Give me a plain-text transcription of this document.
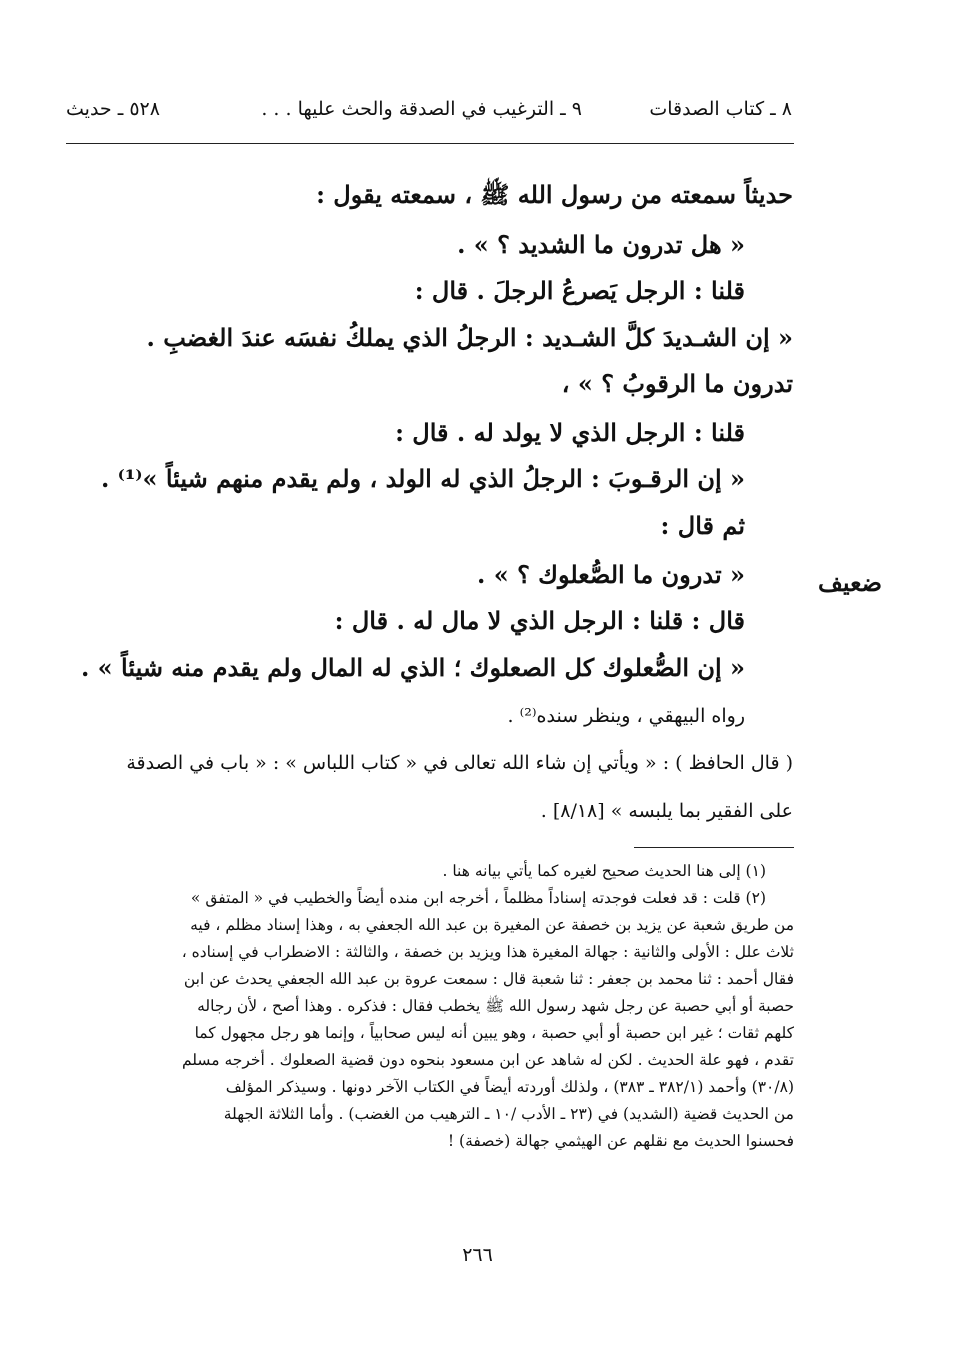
٨ ـ كتاب الصدقات
٩ ـ الترغيب في الصدقة والحث عليها . . .
٥٢٨ ـ حديث
ضعيف
حديثاً سمعته من رسول الله ﷺ ، سمعته يقول :
« هل تدرون ما الشديد ؟ » .
قلنا : الرجل يَصرعُ الرجلَ . قال :
« إن الشـديدَ كلَّ الشـديد : الرجلُ الذي يملكُ نفسَه عندَ الغضبِ .
تدرون ما الرقوبُ ؟ » ،
قلنا : الرجل الذي لا يولد له . قال :
« إن الرقـوبَ : الرجلُ الذي له الولد ، ولم يقدم منهم شيئاً »⁽¹⁾ .
ثم قال :
« تدرون ما الصُّعلوك ؟ » .
قال : قلنا : الرجل الذي لا مال له . قال :
« إن الصُّعلوك كل الصعلوك ؛ الذي له المال ولم يقدم منه شيئاً » .
رواه البيهقي ، وينظر سنده⁽²⁾ .
( قال الحافظ ) : « ويأتي إن شاء الله تعالى في « كتاب اللباس » : « باب في الصدقة
على الفقير بما يلبسه » [٨/١٨] .
(١) إلى هنا الحديث صحيح لغيره كما يأتي بيانه هنا .
(٢) قلت : قد فعلت فوجدته إسناداً مظلماً ، أخرجه ابن منده أيضاً والخطيب في « المتفق »
من طريق شعبة عن يزيد بن خصفة عن المغيرة بن عبد الله الجعفي به ، وهذا إسناد مظلم ، فيه
ثلاث علل : الأولى والثانية : جهالة المغيرة هذا ويزيد بن خصفة ، والثالثة : الاضطراب في إسناده ،
فقال أحمد : ثنا محمد بن جعفر : ثنا شعبة قال : سمعت عروة بن عبد الله الجعفي يحدث عن ابن
حصبة أو أبي حصبة عن رجل شهد رسول الله ﷺ يخطب فقال : فذكره . وهذا أصح ، لأن رجاله
كلهم ثقات ؛ غير ابن حصبة أو أبي حصبة ، وهو يبين أنه ليس صحابياً ، وإنما هو رجل مجهول كما
تقدم ، فهو علة الحديث . لكن له شاهد عن ابن مسعود بنحوه دون قضية الصعلوك . أخرجه مسلم
(٣٠/٨) وأحمد (٣٨٢/١ ـ ٣٨٣) ، ولذلك أوردته أيضاً في الكتاب الآخر دونها . وسيذكر المؤلف
من الحديث قضية (الشديد) في (٢٣ ـ الأدب /١٠ ـ الترهيب من الغضب) . وأما الثلاثة الجهلة
فحسنوا الحديث مع نقلهم عن الهيثمي جهالة (خصفة) !
٢٦٦
